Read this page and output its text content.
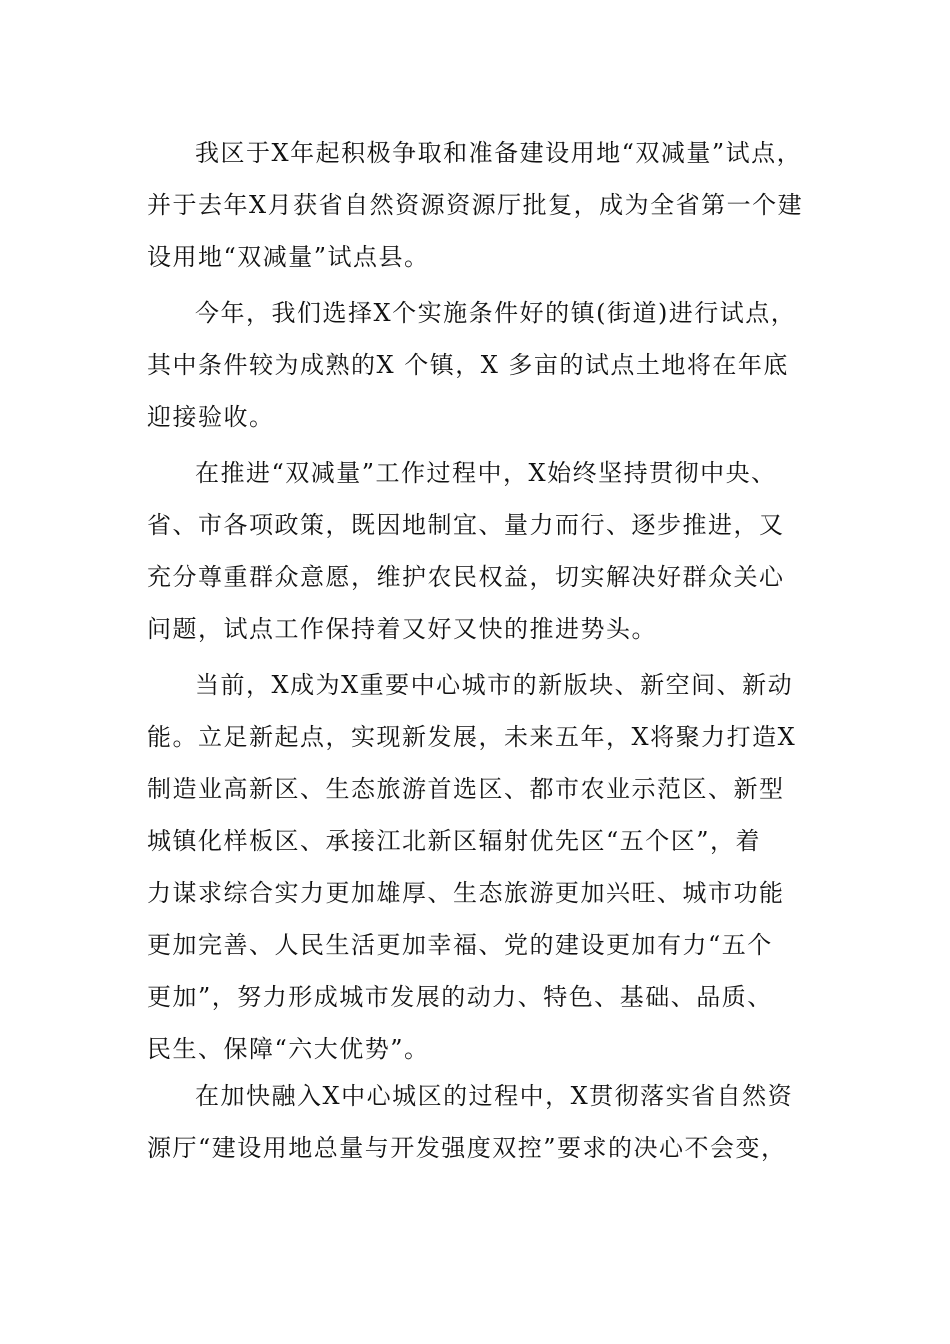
我区于X年起积极争取和准备建设用地“双减量”试点，
并于去年X月获省自然资源资源厅批复，成为全省第一个建
设用地“双减量”试点县。
今年，我们选择X个实施条件好的镇(街道)进行试点，
其中条件较为成熟的X 个镇，X 多亩的试点土地将在年底
迎接验收。
在推进“双减量”工作过程中，X始终坚持贯彻中央、
省、市各项政策，既因地制宜、量力而行、逐步推进，又
充分尊重群众意愿，维护农民权益，切实解决好群众关心
问题，试点工作保持着又好又快的推进势头。
当前，X成为X重要中心城市的新版块、新空间、新动
能。立足新起点，实现新发展，未来五年，X将聚力打造X
制造业高新区、生态旅游首选区、都市农业示范区、新型
城镇化样板区、承接江北新区辐射优先区“五个区”，着
力谋求综合实力更加雄厚、生态旅游更加兴旺、城市功能
更加完善、人民生活更加幸福、党的建设更加有力“五个
更加”，努力形成城市发展的动力、特色、基础、品质、
民生、保障“六大优势”。
在加快融入X中心城区的过程中，X贯彻落实省自然资
源厅“建设用地总量与开发强度双控”要求的决心不会变，
